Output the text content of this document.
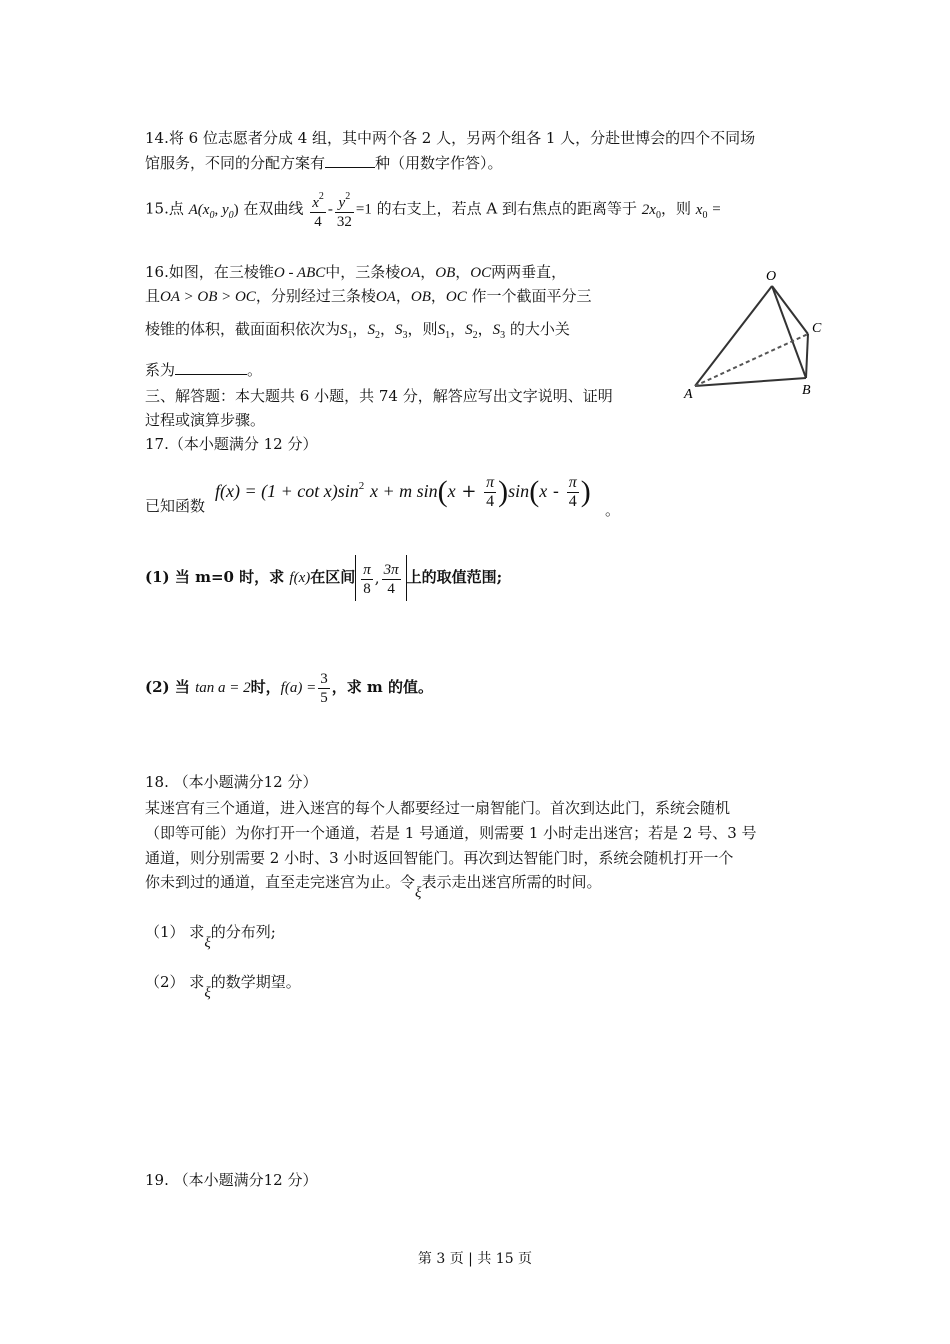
14.将 6 位志愿者分成 4 组，其中两个各 2 人，另两个组各 1 人，分赴世博会的四个不同场
馆服务，不同的分配方案有	种（用数字作答）。
15.点 $A(x_0$, $y_0$) 在双曲线 $\frac{x^2}{4} - \frac{y^2}{32} =1$ 的右支上，若点 A 到右焦点的距离等于 $2x_0$，则 $x_0$ =
16.如图，在三棱锥O - ABC中，三条棱OA，OB，OC两两垂直，
且OA > OB > OC，分别经过三条棱OA，OB，OC 作一个截面平分三
棱锥的体积，截面面积依次为$S_1$，$S_2$，$S_3$，则$S_1$，$S_2$，$S_3$ 的大小关
系为	。
O
C
A	B
三、解答题：本大题共 6 小题，共 74 分，解答应写出文字说明、证明
过程或演算步骤。
17.（本小题满分 12 分）
$f(x) = (1 + \cot x)\sin^2$ x + m $\sin(x + \frac{\pi}{4} )\sin(x - \frac{\pi}{4}$ )
已知函数	。
(1) 当 m=0 时，求 f(x)在区间 $\frac{\pi}{8}$ , $\frac{3\pi}{4}$ 上的取值范围;
(2) 当 tan a = 2时，$f(a) = \frac{3}{5}$ ，求 m 的值。
18. （本小题满分12 分）
某迷宫有三个通道，进入迷宫的每个人都要经过一扇智能门。首次到达此门，系统会随机
（即等可能）为你打开一个通道，若是 1 号通道，则需要 1 小时走出迷宫；若是 2 号、3 号
通道，则分别需要 2 小时、3 小时返回智能门。再次到达智能门时，系统会随机打开一个
你未到过的通道，直至走完迷宫为止。令ξ表示走出迷宫所需的时间。
（1） 求ξ的分布列;
（2） 求ξ的数学期望。
19. （本小题满分12 分）
第 3 页 | 共 15 页
